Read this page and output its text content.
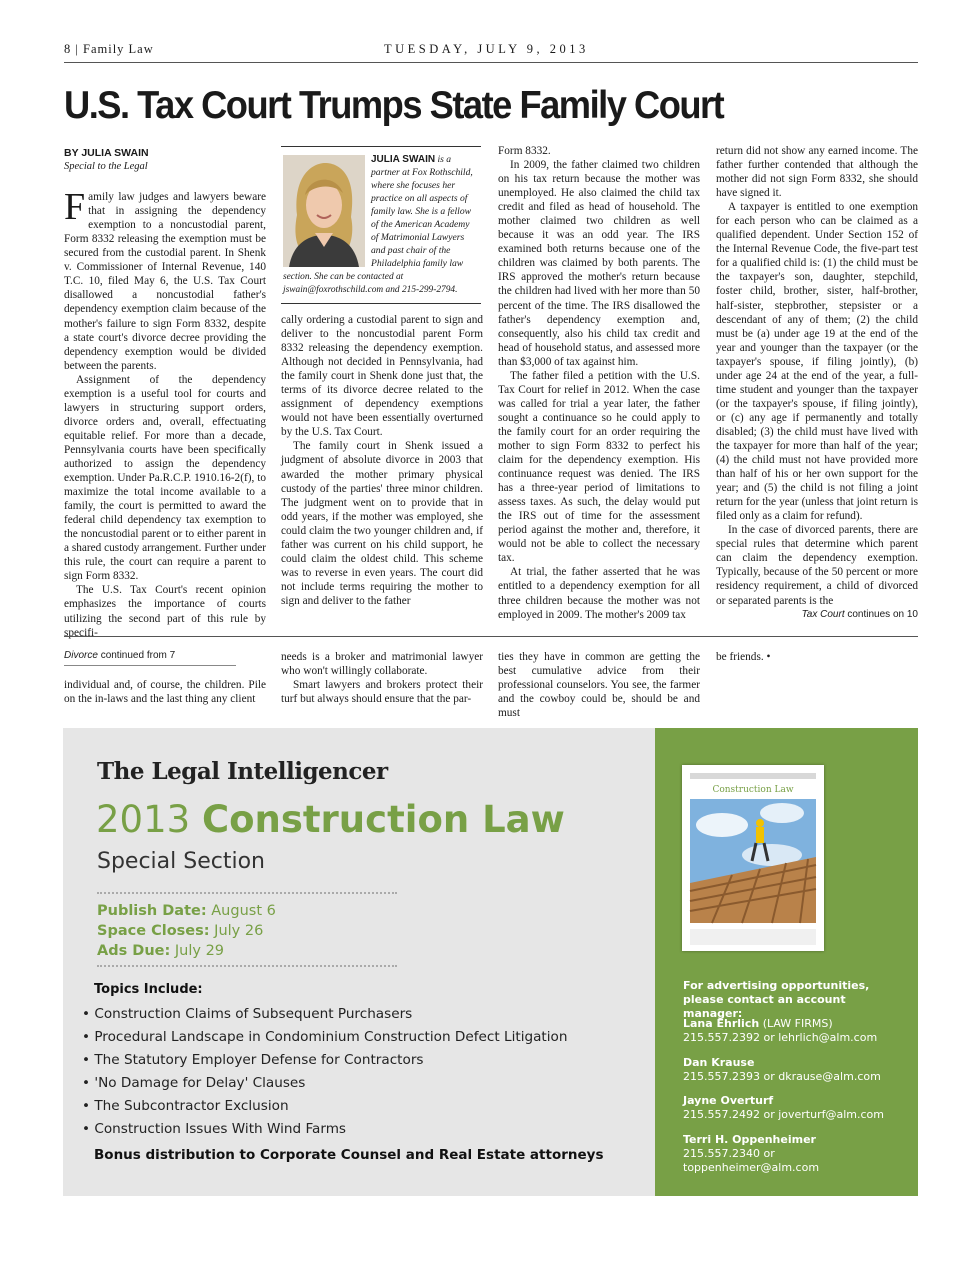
8 | Family Law	TUESDAY, JULY 9, 2013
U.S. Tax Court Trumps State Family Court
BY JULIA SWAIN
Special to the Legal

Family law judges and lawyers beware that in assigning the dependency exemption to a noncustodial parent, Form 8332 releasing the exemption must be secured from the custodial parent. In Shenk v. Commissioner of Internal Revenue, 140 T.C. 10, filed May 6, the U.S. Tax Court disallowed a noncustodial father's dependency exemption claim because of the mother's failure to sign Form 8332, despite a state court's divorce decree providing the dependency exemption would be divided between the parents.

Assignment of the dependency exemption is a useful tool for courts and lawyers in structuring support orders, divorce orders and, overall, effectuating equitable relief. For more than a decade, Pennsylvania courts have been specifically authorized to assign the dependency exemption. Under Pa.R.C.P. 1910.16-2(f), to maximize the total income available to a family, the court is permitted to award the federal child dependency tax exemption to the noncustodial parent or to either parent in a shared custody arrangement. Further under this rule, the court can require a parent to sign Form 8332.

The U.S. Tax Court's recent opinion emphasizes the importance of courts utilizing the second part of this rule by specifi-

JULIA SWAIN is a partner at Fox Rothschild, where she focuses her practice on all aspects of family law. She is a fellow of the American Academy of Matrimonial Lawyers and past chair of the Philadelphia family law
section. She can be contacted at jswain@foxrothschild.com and 215-299-2794.

cally ordering a custodial parent to sign and deliver to the noncustodial parent Form 8332 releasing the dependency exemption. Although not decided in Pennsylvania, had the family court in Shenk done just that, the terms of its divorce decree related to the assignment of dependency exemptions would not have been essentially overturned by the U.S. Tax Court.

The family court in Shenk issued a judgment of absolute divorce in 2003 that awarded the mother primary physical custody of the parties' three minor children. The judgment went on to provide that in odd years, if the mother was employed, she could claim the two younger children and, if father was current on his child support, he could claim the oldest child. This scheme was to reverse in even years. The court did not include terms requiring the mother to sign and deliver to the father

Form 8332.

In 2009, the father claimed two children on his tax return because the mother was unemployed. He also claimed the child tax credit and filed as head of household. The mother claimed two children as well because it was an odd year. The IRS examined both returns because one of the children was claimed by both parents. The IRS approved the mother's return because the children had lived with her more than 50 percent of the time. The IRS disallowed the father's dependency exemption and, consequently, also his child tax credit and head of household status, and assessed more than $3,000 of tax against him.

The father filed a petition with the U.S. Tax Court for relief in 2012. When the case was called for trial a year later, the father sought a continuance so he could apply to the family court for an order requiring the mother to sign Form 8332 to perfect his claim for the dependency exemption. His continuance request was denied. The IRS has a three-year period of limitations to assess taxes. As such, the delay would put the IRS out of time for the assessment period against the mother and, therefore, it would not be able to collect the necessary tax.

At trial, the father asserted that he was entitled to a dependency exemption for all three children because the mother was not employed in 2009. The mother's 2009 tax

return did not show any earned income. The father further contended that although the mother did not sign Form 8332, she should have signed it.

A taxpayer is entitled to one exemption for each person who can be claimed as a qualified dependent. Under Section 152 of the Internal Revenue Code, the five-part test for a qualified child is: (1) the child must be the taxpayer's son, daughter, stepchild, foster child, brother, sister, half-brother, half-sister, stepbrother, stepsister or a descendant of any of them; (2) the child must be (a) under age 19 at the end of the year and younger than the taxpayer (or the taxpayer's spouse, if filing jointly), (b) under age 24 at the end of the year, a full-time student and younger than the taxpayer (or the taxpayer's spouse, if filing jointly), or (c) any age if permanently and totally disabled; (3) the child must have lived with the taxpayer for more than half of the year; (4) the child must not have provided more than half of his or her own support for the year; and (5) the child is not filing a joint return for the year (unless that joint return is filed only as a claim for refund).

In the case of divorced parents, there are special rules that determine which parent can claim the dependency exemption. Typically, because of the 50 percent or more residency requirement, a child of divorced or separated parents is the

Tax Court continues on 10
Divorce continued from 7

individual and, of course, the children. Pile on the in-laws and the last thing any client

needs is a broker and matrimonial lawyer who won't willingly collaborate.

Smart lawyers and brokers protect their turf but always should ensure that the par-

ties they have in common are getting the best cumulative advice from their professional counselors. You see, the farmer and the cowboy could be, should be and must

be friends. •

The Legal Intelligencer
2013 Construction Law
Special Section
Publish Date: August 6
Space Closes: July 26
Ads Due: July 29
Topics Include:
• Construction Claims of Subsequent Purchasers
• Procedural Landscape in Condominium Construction Defect Litigation
• The Statutory Employer Defense for Contractors
• 'No Damage for Delay' Clauses
• The Subcontractor Exclusion
• Construction Issues With Wind Farms
Bonus distribution to Corporate Counsel and Real Estate attorneys
Construction Law
For advertising opportunities, please contact an account manager:
Lana Ehrlich (LAW FIRMS)
215.557.2392 or lehrlich@alm.com
Dan Krause
215.557.2393 or dkrause@alm.com
Jayne Overturf
215.557.2492 or joverturf@alm.com
Terri H. Oppenheimer
215.557.2340 or toppenheimer@alm.com
